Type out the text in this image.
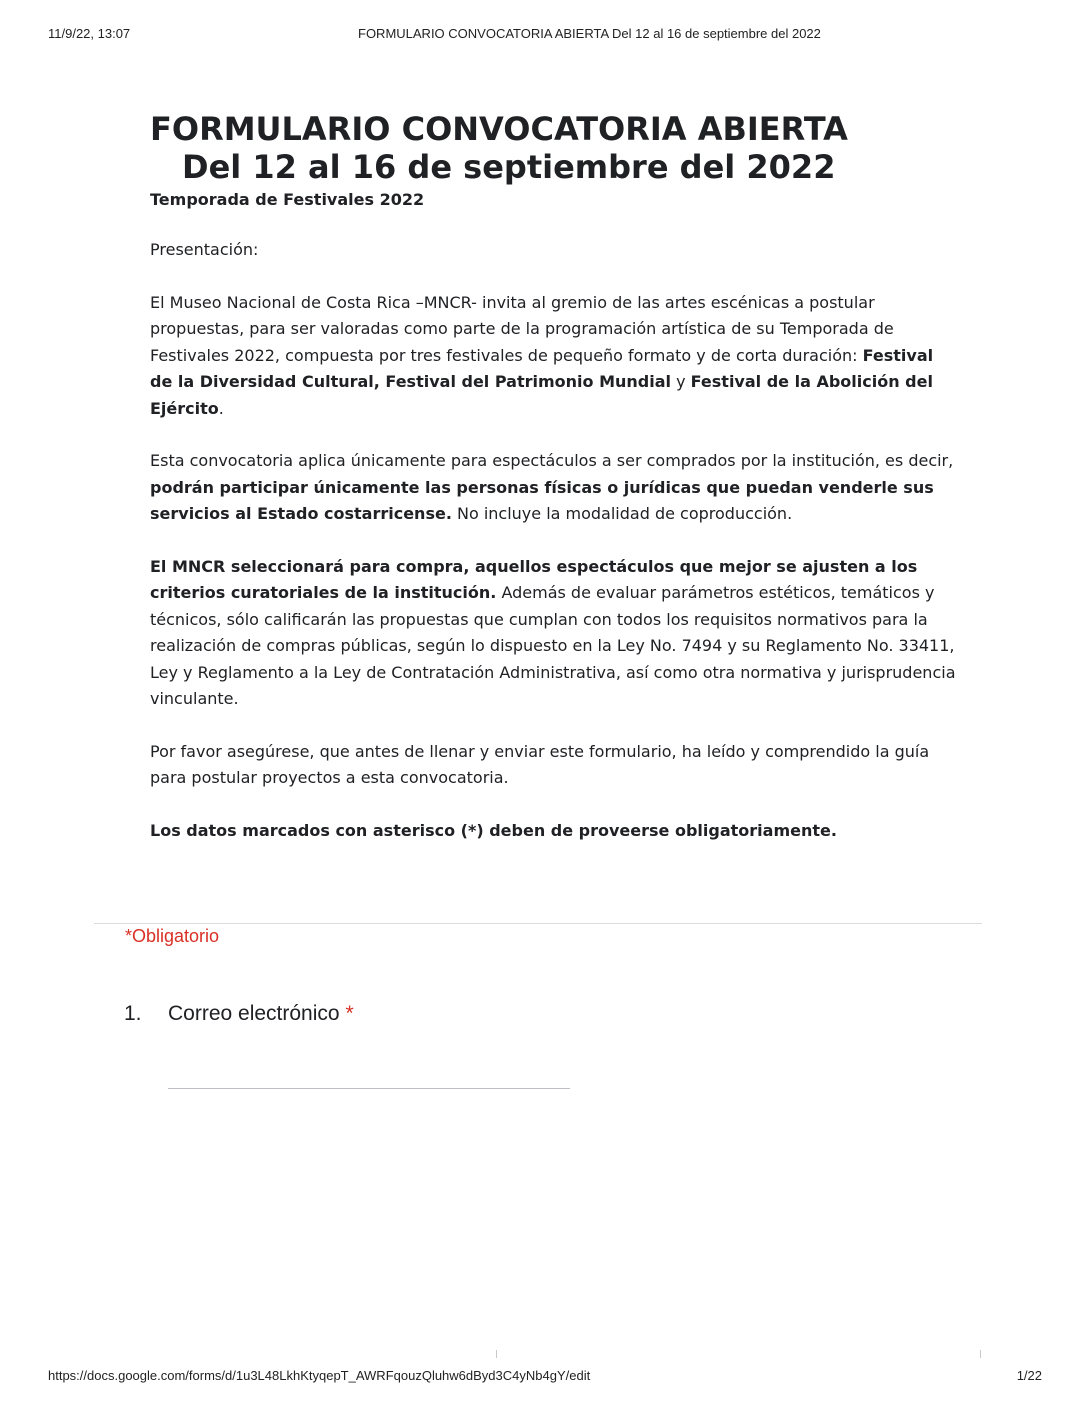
11/9/22, 13:07	FORMULARIO CONVOCATORIA ABIERTA Del 12 al 16 de septiembre del 2022
FORMULARIO CONVOCATORIA ABIERTA
Del 12 al 16 de septiembre del 2022
Temporada de Festivales 2022

Presentación:

El Museo Nacional de Costa Rica –MNCR- invita al gremio de las artes escénicas a postular propuestas, para ser valoradas como parte de la programación artística de su Temporada de Festivales 2022, compuesta por tres festivales de pequeño formato y de corta duración: Festival de la Diversidad Cultural, Festival del Patrimonio Mundial y Festival de la Abolición del Ejército.

Esta convocatoria aplica únicamente para espectáculos a ser comprados por la institución, es decir, podrán participar únicamente las personas físicas o jurídicas que puedan venderle sus servicios al Estado costarricense. No incluye la modalidad de coproducción.

El MNCR seleccionará para compra, aquellos espectáculos que mejor se ajusten a los criterios curatoriales de la institución. Además de evaluar parámetros estéticos, temáticos y técnicos, sólo calificarán las propuestas que cumplan con todos los requisitos normativos para la realización de compras públicas, según lo dispuesto en la Ley No. 7494 y su Reglamento No. 33411, Ley y Reglamento a la Ley de Contratación Administrativa, así como otra normativa y jurisprudencia vinculante.

Por favor asegúrese, que antes de llenar y enviar este formulario, ha leído y comprendido la guía para postular proyectos a esta convocatoria.

Los datos marcados con asterisco (*) deben de proveerse obligatoriamente.

*Obligatorio
1. Correo electrónico *
https://docs.google.com/forms/d/1u3L48LkhKtyqepT_AWRFqouzQluhw6dByd3C4yNb4gY/edit	1/22
